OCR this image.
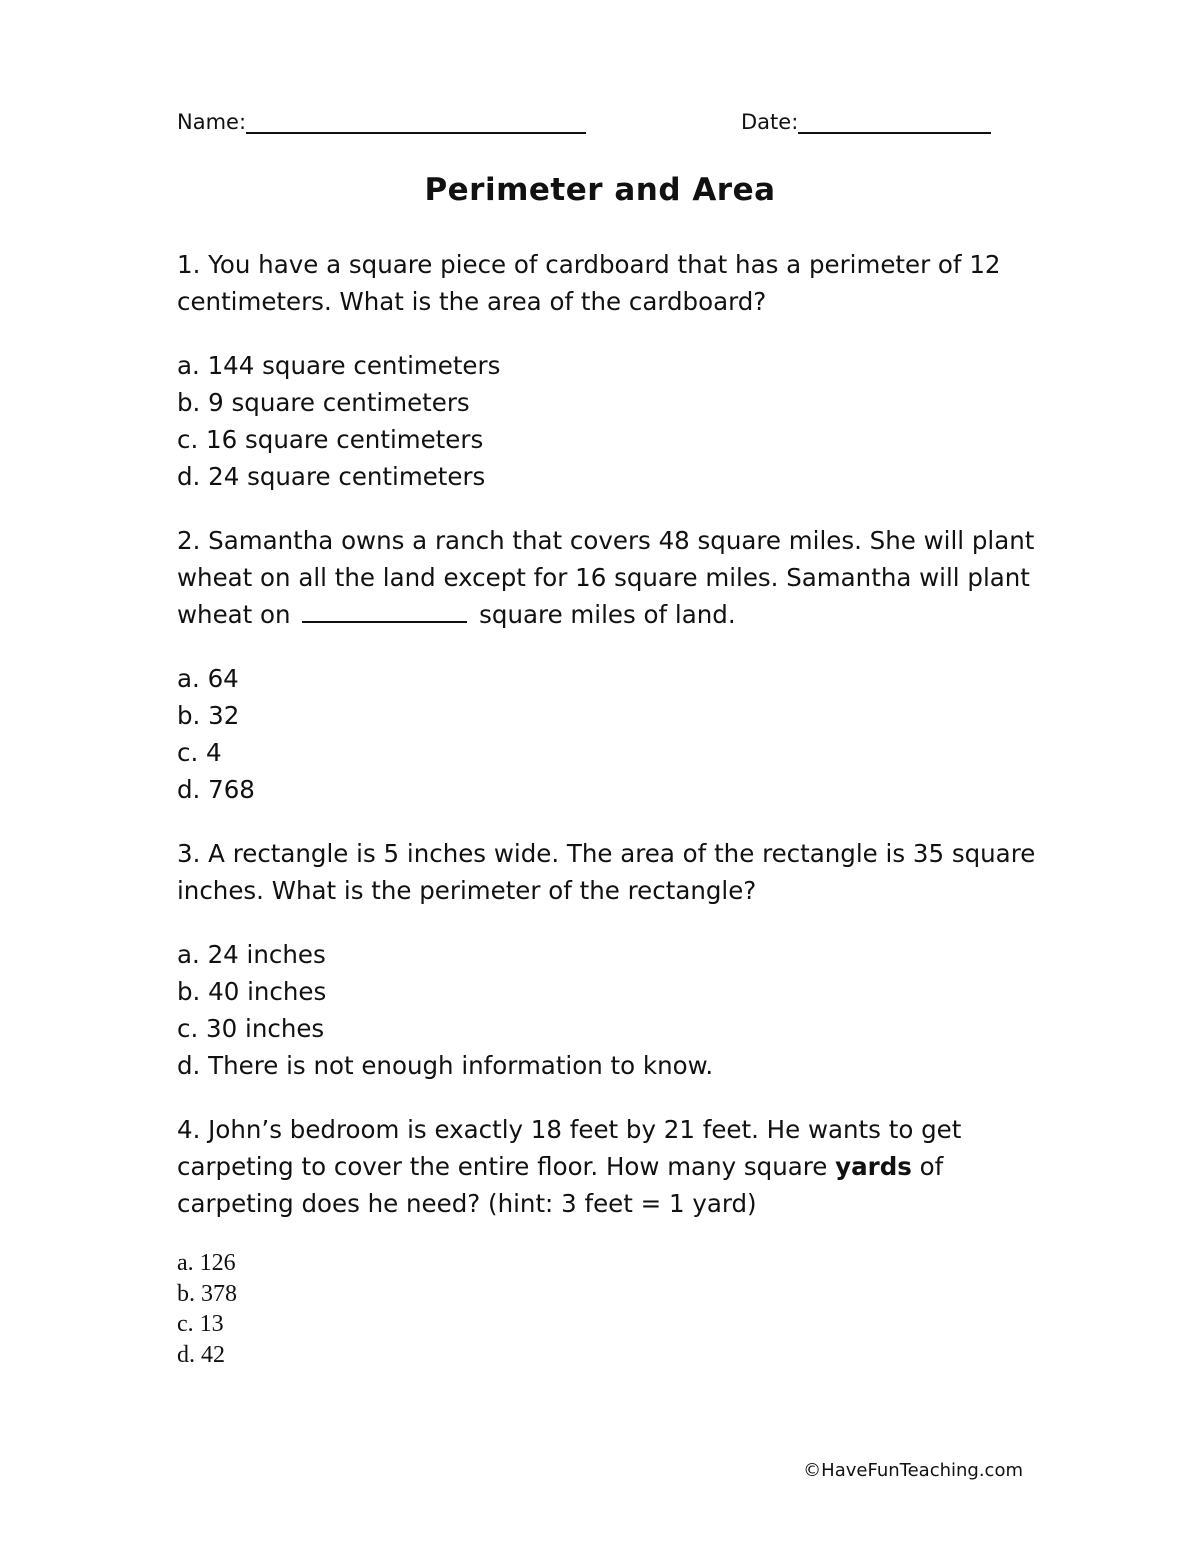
Name:	Date:
Perimeter and Area

1. You have a square piece of cardboard that has a perimeter of 12 centimeters. What is the area of the cardboard?

a. 144 square centimeters
b. 9 square centimeters
c. 16 square centimeters
d. 24 square centimeters

2. Samantha owns a ranch that covers 48 square miles. She will plant wheat on all the land except for 16 square miles. Samantha will plant wheat on	square miles of land.

a. 64
b. 32
c. 4
d. 768

3. A rectangle is 5 inches wide. The area of the rectangle is 35 square inches. What is the perimeter of the rectangle?

a. 24 inches
b. 40 inches
c. 30 inches
d. There is not enough information to know.

4. John’s bedroom is exactly 18 feet by 21 feet. He wants to get carpeting to cover the entire floor. How many square yards of carpeting does he need? (hint: 3 feet = 1 yard)

a. 126
b. 378
c. 13
d. 42
©HaveFunTeaching.com
